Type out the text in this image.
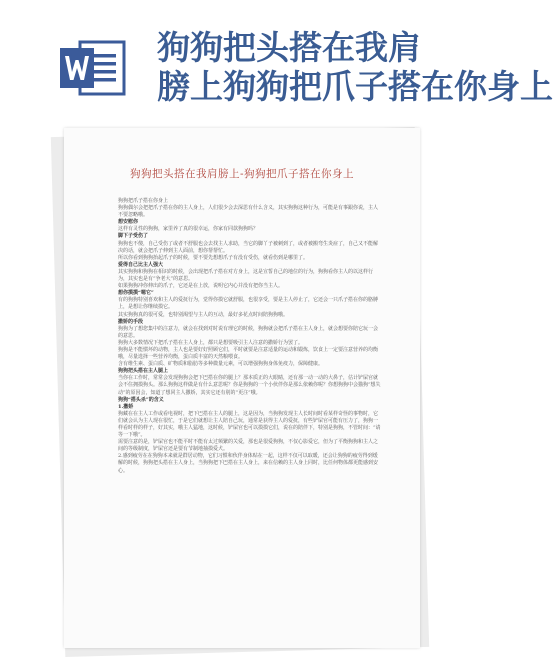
狗狗把头搭在我肩
膀上狗狗把爪子搭在你身上
狗狗把头搭在我肩膀上-狗狗把爪子搭在你身上

狗狗把爪子搭在你身上

狗狗偶尔会把把爪子搭在你的主人身上，人们很少会去深思有什么含义，其实狗狗这种行为，可能是有事跟你说，主人不要忽略哦。

想安慰你

这样有灵性的狗狗，家里养了真的很幸运，你家有同款狗狗吗？

脚下子受伤了

狗狗也不傻，自己受伤了或者不舒服也会去找主人求助，当它的脚丫子被刺到了，或者被搬弯生炎症了，自己又不能解决的话，就会把爪子伸到主人面前，想你帮帮忙。

所以你看到狗狗抬起爪子的时候，要不要先想想爪子有没有受伤，就看伤到是哪里了。

爱得自己比主人强大

其实狗狗和狗狗在相识的时候，会出现把爪子搭在对方身上，这是宣誓自己的地位的行为，狗狗看你主人的以这样行为，其实也是有“争老大”的意思。

如果狗狗冲你伸出的爪子，它还是在上放，说明它内心并没有把你当主人。

想你摸摸“嗯它”

有的狗狗特别喜欢和主人的爱抚行为，觉得你摸它就舒服，也很享受，要是主人停止了，它还会一只爪子搭在你的胳膊上，是想让你继续摸它。

其实狗狗真的很可爱，也特别渴望与主人的互动，最好多花点时间陪狗狗哦。

撒娇的手段

狗狗为了想您集中的注意力，就会在找到对时说有理它的时候，狗狗就会把爪子搭在主人身上，就会想要你陪它玩一会的意思。

狗狗大多数情况下把爪子搭在主人身上，都只是想要吸引主人注意的撒娇行为罢了。

狗狗是不能惯坏的动物，主人也是要好好照顾它们，平时就要是注意适量的运动和锻炼，饮食上一定要注意营养的均衡哦，尽量选择一些营养均衡，蛋白质丰富的天然粮喂食。

含有维生素、蛋白质、矿物质和脂肪等多种微量元素，可以增强狗狗身体免疫力，保障健康。

狗狗把头搭在主人腿上

当你在工作时，常常会发现狗狗会把下巴搭在你的腿上？那本质正的大眼睛，还有那一动一动的大鼻子，估计铲屎官就会不住拥摸狗头。那么狗狗这样做是有什么意思呢？你是狗狗的一个小伙伴你是那么依赖你呢？你想狗狗中会猫狗“想失动”的原因会，知道了想同主人撒娇，其实它还有别的“更注”哦。

狗狗“搭头杀”的含义

1.撒娇

狗藏在在主人工作或看电视时，把下巴搭在主人的腿上，这是因为，当狗狗发现主人长时间时看某样奇怪的事物时，它们就会认为主人现在很忙，于是它们就想让主人陪自己玩，通常是获得主人的爱抚，有些铲屎官可能有压力了，狗狗一样看时样的样子，好其实，哦主人猛地，这时候，铲屎官也可以摸摸它们，说在的陪伴下，特别是狗狗，不管时间：“请等一下哦”。

需要注意的是，铲屎官也不能平时不能有太过频繁的关爱，那也是很爱狗狗，不仅心影爱它，但为了平衡狗狗和主人之间的等级制度，铲屎官还是要有节制地抽摸爱犬。

2.感到疲劳在在狗狗本来就是群居动物，它们习惯和伙伴身体贴在一起，这样不仅可以取暖，还会让狗狗的疲劳得到缓解的时候，狗狗把头搭在主人身上，当狗狗把下巴搭在主人身上，来在信赖的主人身上同时，比任何物体都更能感到安心。
